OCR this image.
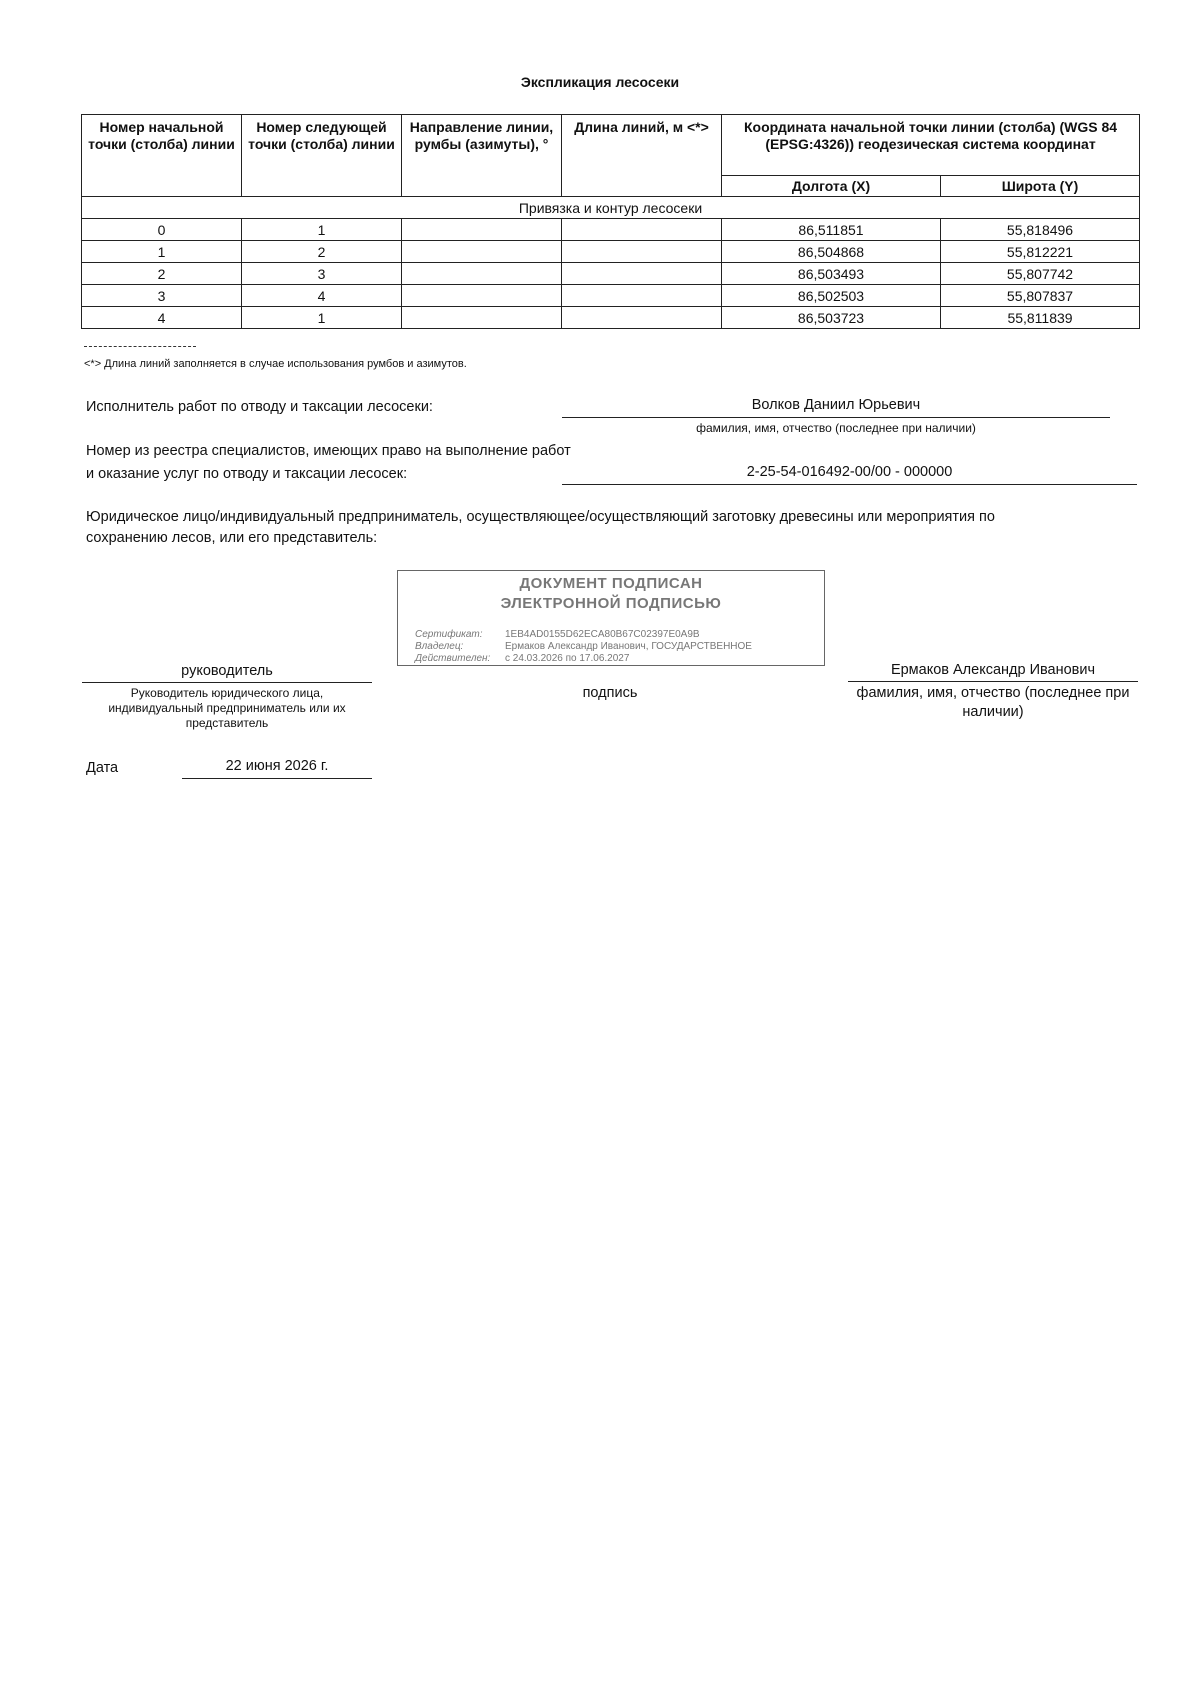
Экспликация лесосеки
Номер начальной точки (столба) линии	Номер следующей точки (столба) линии	Направление линии, румбы (азимуты), °	Длина линий, м <*>	Координата начальной точки линии (столба) (WGS 84 (EPSG:4326)) геодезическая система координат	
				Долгота (X)	Широта (Y)
Привязка и контур лесосеки					
0	1			86,511851	55,818496
1	2			86,504868	55,812221
2	3			86,503493	55,807742
3	4			86,502503	55,807837
4	1			86,503723	55,811839
<*> Длина линий заполняется в случае использования румбов и азимутов.
Исполнитель работ по отводу и таксации лесосеки:	Волков Даниил Юрьевич
фамилия, имя, отчество (последнее при наличии)
Номер из реестра специалистов, имеющих право на выполнение работ
и оказание услуг по отводу и таксации лесосек:	2-25-54-016492-00/00 - 000000
Юридическое лицо/индивидуальный предприниматель, осуществляющее/осуществляющий заготовку древесины или мероприятия по
сохранению лесов, или его представитель:
ДОКУМЕНТ ПОДПИСАН
ЭЛЕКТРОННОЙ ПОДПИСЬЮ
Сертификат: 1EB4AD0155D62ECA80B67C02397E0A9B
Владелец:	Ермаков Александр Иванович, ГОСУДАРСТВЕННОЕ
Действителен: с 24.03.2026 по 17.06.2027
руководитель
Руководитель юридического лица, индивидуальный предприниматель или их представитель
подпись
Ермаков Александр Иванович
фамилия, имя, отчество (последнее при наличии)
Дата	22 июня 2026 г.
